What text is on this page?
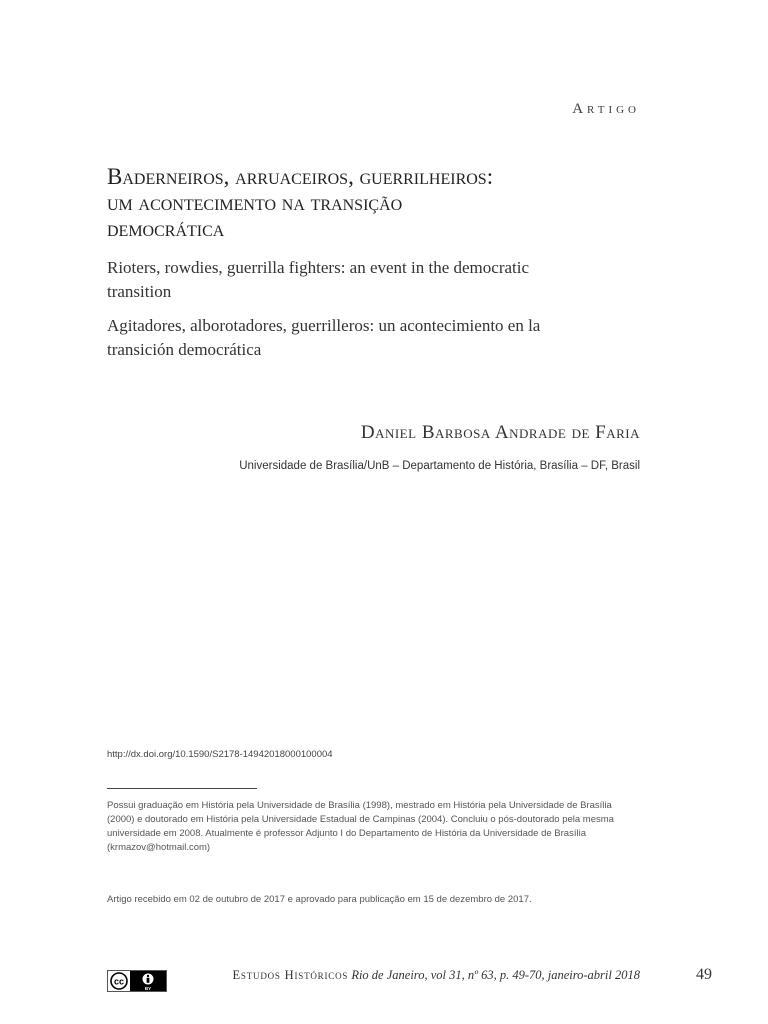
Artigo
Baderneiros, arruaceiros, guerrilheiros:
um acontecimento na transição
democrática

Rioters, rowdies, guerrilla fighters: an event in the democratic
transition

Agitadores, alborotadores, guerrilleros: un acontecimiento en la
transición democrática

Daniel Barbosa Andrade de Faria
Universidade de Brasília/UnB – Departamento de História, Brasília – DF, Brasil
http://dx.doi.org/10.1590/S2178-14942018000100004

Possui graduação em História pela Universidade de Brasília (1998), mestrado em História pela Universidade de Brasília
(2000) e doutorado em História pela Universidade Estadual de Campinas (2004). Concluiu o pós-doutorado pela mesma
universidade em 2008. Atualmente é professor Adjunto I do Departamento de História da Universidade de Brasília
(krmazov@hotmail.com)

Artigo recebido em 02 de outubro de 2017 e aprovado para publicação em 15 de dezembro de 2017.
cc
BY
Estudos Históricos Rio de Janeiro, vol 31, nº 63, p. 49-70, janeiro-abril 2018	49
